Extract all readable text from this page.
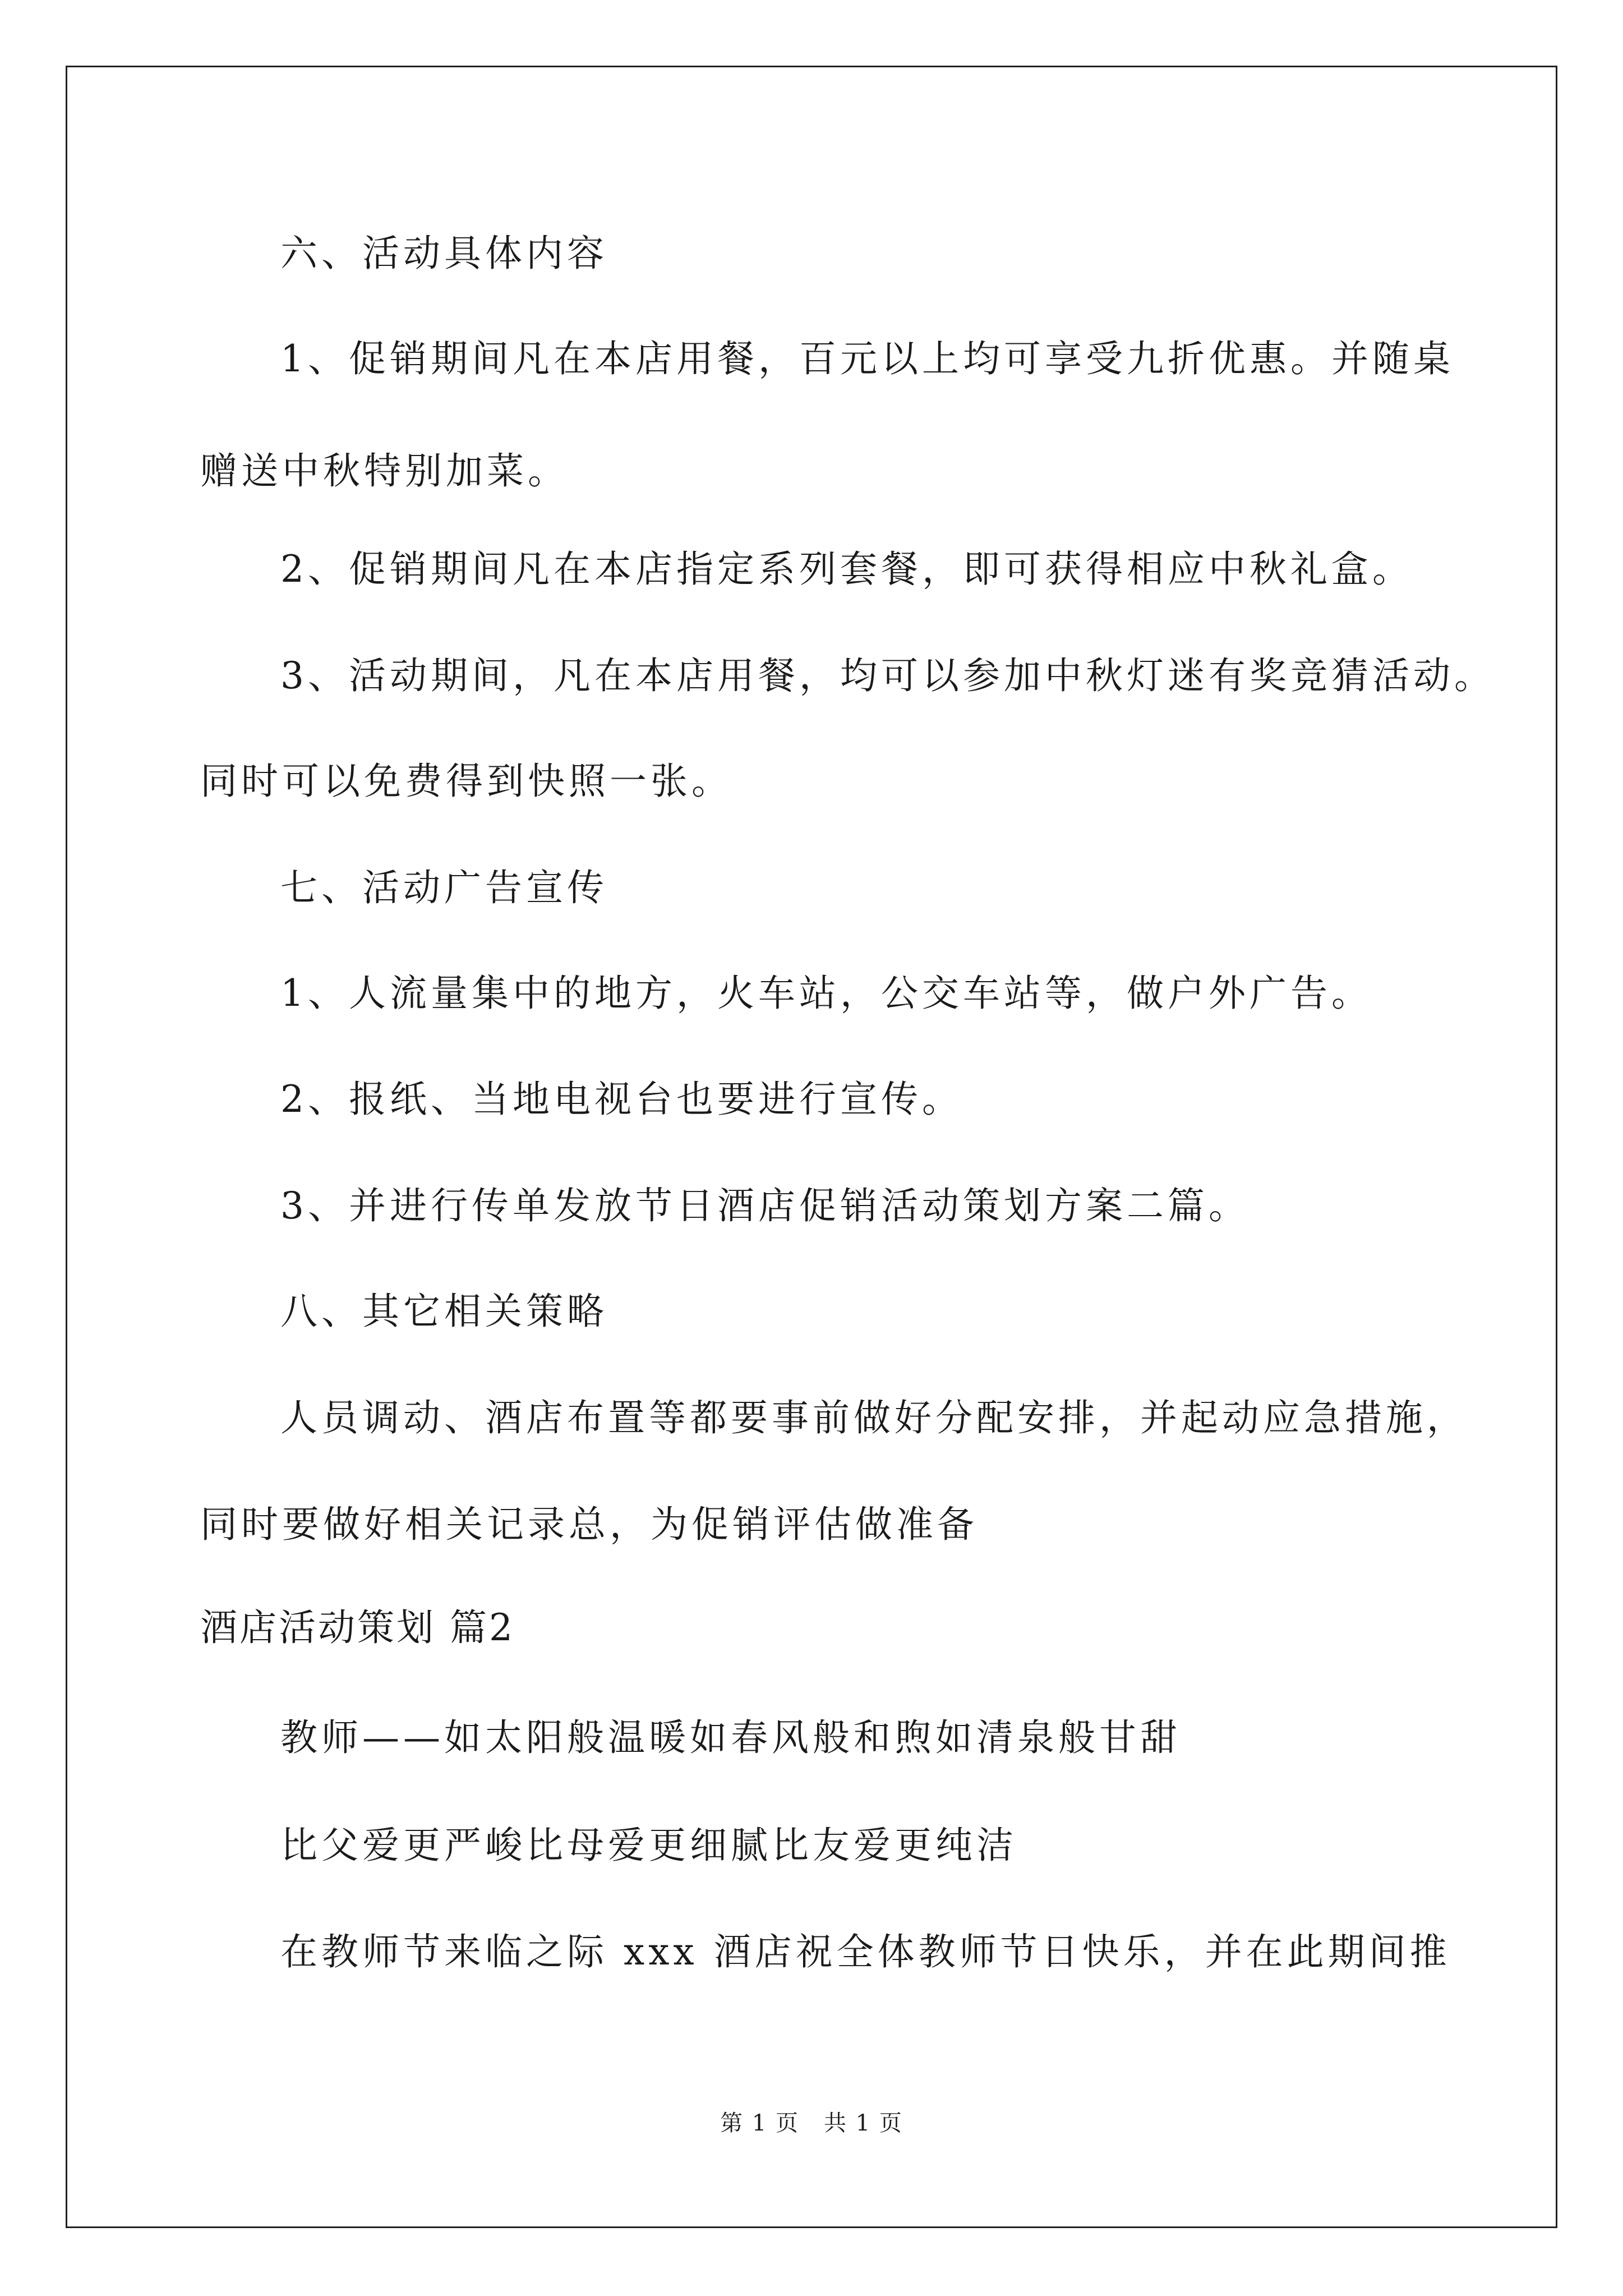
六、活动具体内容
1、促销期间凡在本店用餐，百元以上均可享受九折优惠。并随桌
赠送中秋特别加菜。
2、促销期间凡在本店指定系列套餐，即可获得相应中秋礼盒。
3、活动期间，凡在本店用餐，均可以参加中秋灯迷有奖竞猜活动。
同时可以免费得到快照一张。
七、活动广告宣传
1、人流量集中的地方，火车站，公交车站等，做户外广告。
2、报纸、当地电视台也要进行宣传。
3、并进行传单发放节日酒店促销活动策划方案二篇。
八、其它相关策略
人员调动、酒店布置等都要事前做好分配安排，并起动应急措施，
同时要做好相关记录总，为促销评估做准备
酒店活动策划 篇2
教师——如太阳般温暖如春风般和煦如清泉般甘甜
比父爱更严峻比母爱更细腻比友爱更纯洁
在教师节来临之际 xxx 酒店祝全体教师节日快乐，并在此期间推
第 1 页 共 1 页
